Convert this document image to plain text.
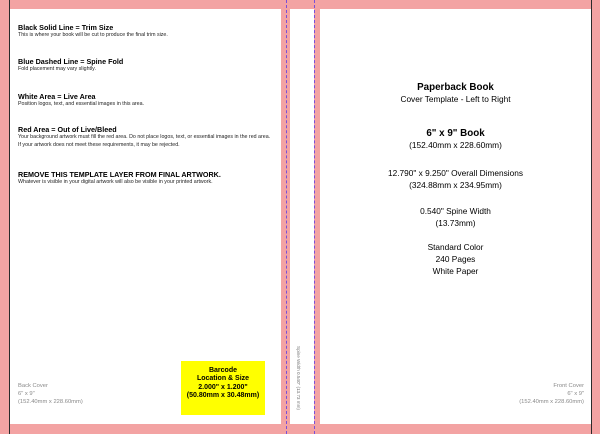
Black Solid Line = Trim Size
This is where your book will be cut to produce the final trim size.
Blue Dashed Line = Spine Fold
Fold placement may vary slightly.
White Area = Live Area
Position logos, text, and essential images in this area.
Red Area = Out of Live/Bleed
Your background artwork must fill the red area. Do not place logos, text, or essential images in the red area. If your artwork does not meet these requirements, it may be rejected.
REMOVE THIS TEMPLATE LAYER FROM FINAL ARTWORK.
Whatever is visible in your digital artwork will also be visible in your printed artwork.
Back Cover
6" x 9"
(152.40mm x 228.60mm)
Barcode
Location & Size
2.000" x 1.200"
(50.80mm x 30.48mm)	Spine Width 0.540" (13.73 mm)
Paperback Book
Cover Template - Left to Right
6" x 9" Book
(152.40mm x 228.60mm)
12.790" x 9.250" Overall Dimensions
(324.88mm x 234.95mm)
0.540" Spine Width
(13.73mm)
Standard Color
240 Pages
White Paper
Front Cover
6" x 9"
(152.40mm x 228.60mm)
